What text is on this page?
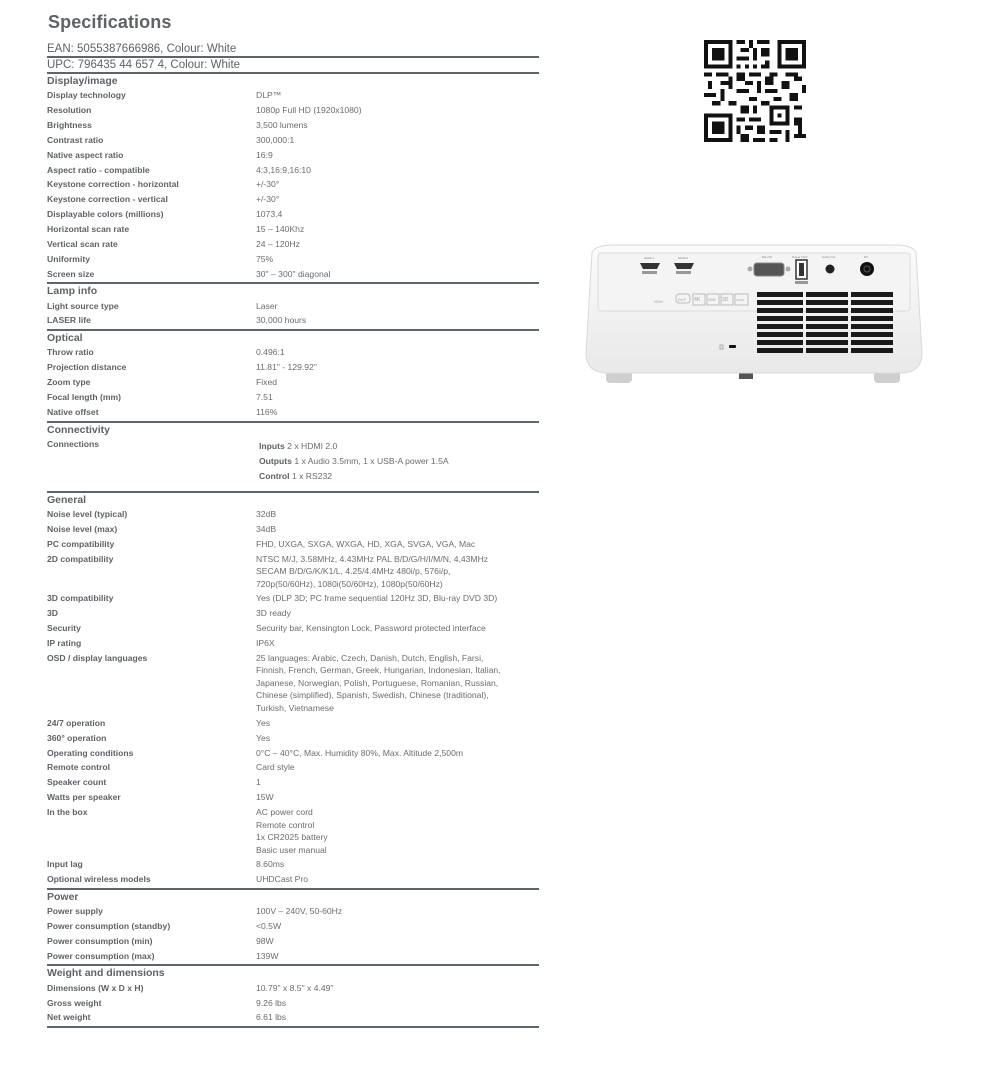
Specifications
EAN: 5055387666986, Colour: White
UPC: 796435 44 657 4, Colour: White
Display/image
Display technology	DLP™
Resolution	1080p Full HD (1920x1080)
Brightness	3,500 lumens
Contrast ratio	300,000:1
Native aspect ratio	16:9
Aspect ratio - compatible	4:3,16:9,16:10
Keystone correction - horizontal	+/-30°
Keystone correction - vertical	+/-30°
Displayable colors (millions)	1073.4
Horizontal scan rate	15 – 140Khz
Vertical scan rate	24 – 120Hz
Uniformity	75%
Screen size	30" – 300" diagonal
Lamp info
Light source type	Laser
LASER life	30,000 hours
Optical
Throw ratio	0.496:1
Projection distance	11.81" - 129.92"
Zoom type	Fixed
Focal length (mm)	7.51
Native offset	116%
Connectivity
Connections	Inputs 2 x HDMI 2.0
Outputs 1 x Audio 3.5mm, 1 x USB-A power 1.5A
Control 1 x RS232
General
Noise level (typical)	32dB
Noise level (max)	34dB
PC compatibility	FHD, UXGA, SXGA, WXGA, HD, XGA, SVGA, VGA, Mac
2D compatibility	NTSC M/J, 3.58MHz, 4.43MHz PAL B/D/G/H/I/M/N, 4,43MHz
SECAM B/D/G/K/K1/L, 4.25/4.4MHz 480i/p, 576i/p,
720p(50/60Hz), 1080i(50/60Hz), 1080p(50/60Hz)
3D compatibility	Yes (DLP 3D; PC frame sequential 120Hz 3D, Blu-ray DVD 3D)
3D	3D ready
Security	Security bar, Kensington Lock, Password protected interface
IP rating	IP6X
OSD / display languages	25 languages: Arabic, Czech, Danish, Dutch, English, Farsi,
Finnish, French, German, Greek, Hungarian, Indonesian, Italian,
Japanese, Norwegian, Polish, Portuguese, Romanian, Russian,
Chinese (simplified), Spanish, Swedish, Chinese (traditional),
Turkish, Vietnamese
24/7 operation	Yes
360° operation	Yes
Operating conditions	0°C – 40°C, Max. Humidity 80%, Max. Altitude 2,500m
Remote control	Card style
Speaker count	1
Watts per speaker	15W
In the box	AC power cord
Remote control
1x CR2025 battery
Basic user manual
Input lag	8.60ms
Optional wireless models	UHDCast Pro
Power
Power supply	100V – 240V, 50-60Hz
Power consumption (standby)	<0.5W
Power consumption (min)	98W
Power consumption (max)	139W
Weight and dimensions
Dimensions (W x D x H)	10.79" x 8.5" x 4.49"
Gross weight	9.26 lbs
Net weight	6.61 lbs
HDMI 1	HDMI 2	RS-232	Power OUT	Audio Out	DC
HDMI	DLP 4K HDR 3D	1080p
